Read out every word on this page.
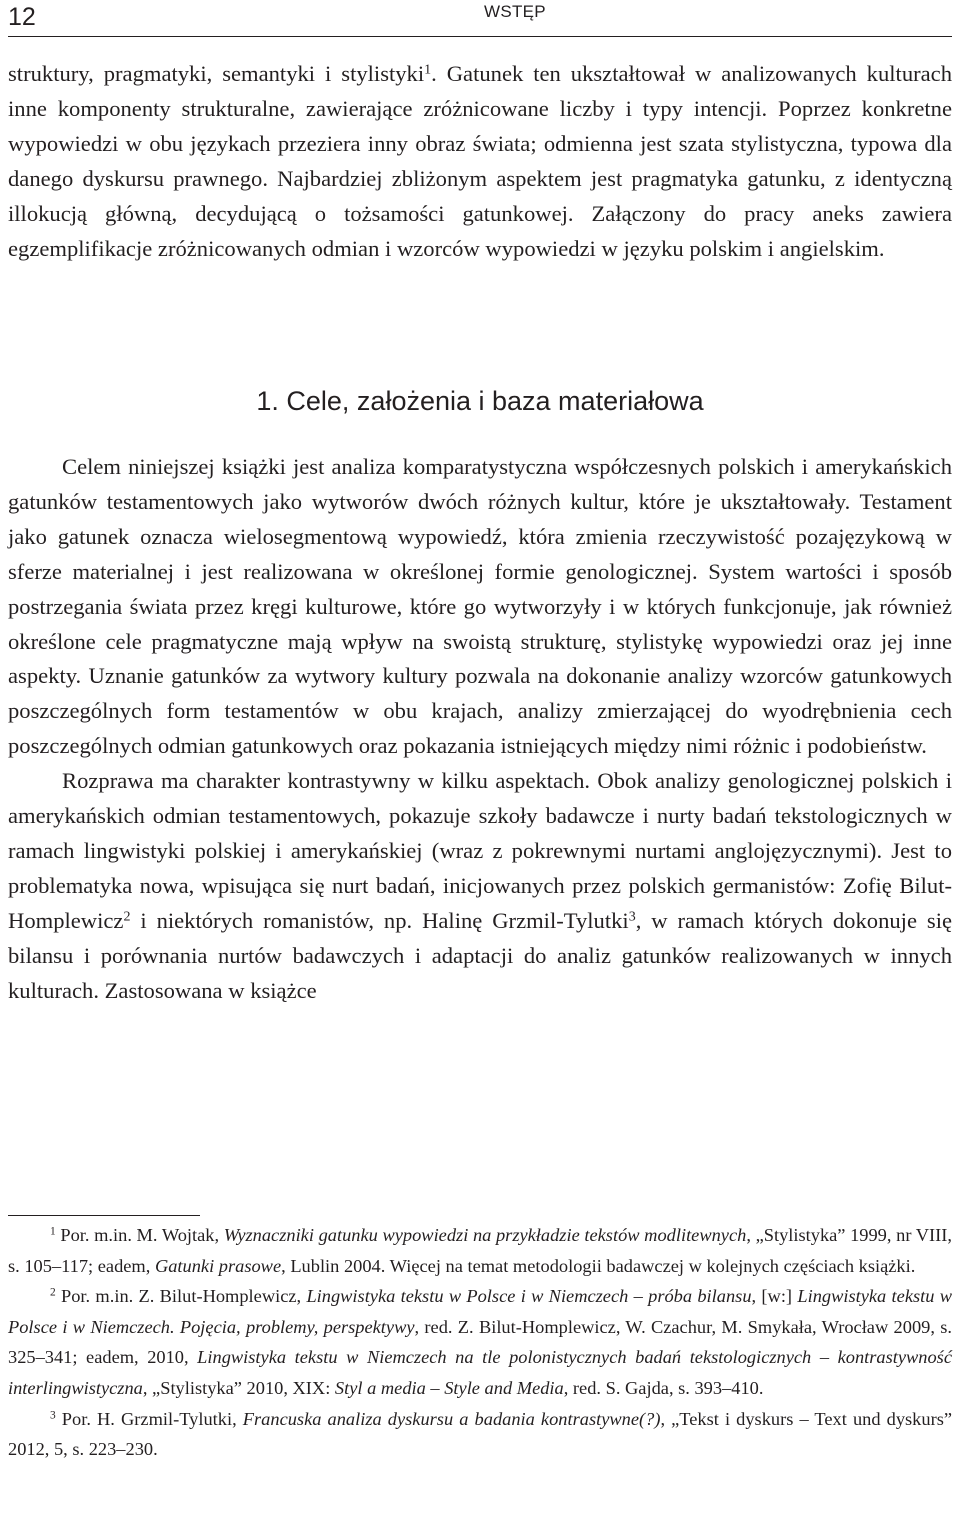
12	WSTĘP

struktury, pragmatyki, semantyki i stylistyki$^1$. Gatunek ten ukształtował w analizowanych kulturach inne komponenty strukturalne, zawierające zróżnicowane liczby i typy intencji. Poprzez konkretne wypowiedzi w obu językach przeziera inny obraz świata; odmienna jest szata stylistyczna, typowa dla danego dyskursu prawnego. Najbardziej zbliżonym aspektem jest pragmatyka gatunku, z identyczną illokucją główną, decydującą o tożsamości gatunkowej. Załączony do pracy aneks zawiera egzemplifikacje zróżnicowanych odmian i wzorców wypowiedzi w języku polskim i angielskim.

1. Cele, założenia i baza materiałowa

Celem niniejszej książki jest analiza komparatystyczna współczesnych polskich i amerykańskich gatunków testamentowych jako wytworów dwóch różnych kultur, które je ukształtowały. Testament jako gatunek oznacza wielosegmentową wypowiedź, która zmienia rzeczywistość pozajęzykową w sferze materialnej i jest realizowana w określonej formie genologicznej. System wartości i sposób postrzegania świata przez kręgi kulturowe, które go wytworzyły i w których funkcjonuje, jak również określone cele pragmatyczne mają wpływ na swoistą strukturę, stylistykę wypowiedzi oraz jej inne aspekty. Uznanie gatunków za wytwory kultury pozwala na dokonanie analizy wzorców gatunkowych poszczególnych form testamentów w obu krajach, analizy zmierzającej do wyodrębnienia cech poszczególnych odmian gatunkowych oraz pokazania istniejących między nimi różnic i podobieństw.

Rozprawa ma charakter kontrastywny w kilku aspektach. Obok analizy genologicznej polskich i amerykańskich odmian testamentowych, pokazuje szkoły badawcze i nurty badań tekstologicznych w ramach lingwistyki polskiej i amerykańskiej (wraz z pokrewnymi nurtami anglojęzycznymi). Jest to problematyka nowa, wpisująca się nurt badań, inicjowanych przez polskich germanistów: Zofię Bilut-Homplewicz$^2$ i niektórych romanistów, np. Halinę Grzmil-Tylutki$^3$, w ramach których dokonuje się bilansu i porównania nurtów badawczych i adaptacji do analiz gatunków realizowanych w innych kulturach. Zastosowana w książce

$^1$ Por. m.in. M. Wojtak, Wyznaczniki gatunku wypowiedzi na przykładzie tekstów modlitewnych, „Stylistyka” 1999, nr VIII, s. 105–117; eadem, Gatunki prasowe, Lublin 2004. Więcej na temat metodologii badawczej w kolejnych częściach książki.

$^2$ Por. m.in. Z. Bilut-Homplewicz, Lingwistyka tekstu w Polsce i w Niemczech – próba bilansu, [w:] Lingwistyka tekstu w Polsce i w Niemczech. Pojęcia, problemy, perspektywy, red. Z. Bilut-Homplewicz, W. Czachur, M. Smykała, Wrocław 2009, s. 325–341; eadem, 2010, Lingwistyka tekstu w Niemczech na tle polonistycznych badań tekstologicznych – kontrastywność interlingwistyczna, „Stylistyka” 2010, XIX: Styl a media – Style and Media, red. S. Gajda, s. 393–410.

$^3$ Por. H. Grzmil-Tylutki, Francuska analiza dyskursu a badania kontrastywne(?), „Tekst i dyskurs – Text und dyskurs” 2012, 5, s. 223–230.
